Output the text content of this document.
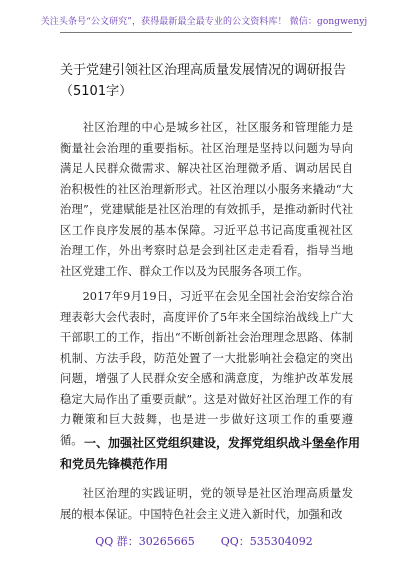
关注头条号“公文研究”，获得最新最全最专业的公文资料库！ 微信：gongwenyj
关于党建引领社区治理高质量发展情况的调研报告（5101字）

社区治理的中心是城乡社区，社区服务和管理能力是衡量社会治理的重要指标。社区治理是坚持以问题为导向满足人民群众微需求、解决社区治理微矛盾、调动居民自治积极性的社区治理新形式。社区治理以小服务来撬动“大治理”，党建赋能是社区治理的有效抓手，是推动新时代社区工作良序发展的基本保障。习近平总书记高度重视社区治理工作，外出考察时总是会到社区走走看看，指导当地社区党建工作、群众工作以及为民服务各项工作。

2017年9月19日，习近平在会见全国社会治安综合治理表彰大会代表时，高度评价了5年来全国综治战线上广大干部职工的工作，指出“不断创新社会治理理念思路、体制机制、方法手段，防范处置了一大批影响社会稳定的突出问题，增强了人民群众安全感和满意度，为维护改革发展稳定大局作出了重要贡献”。这是对做好社区治理工作的有力鞭策和巨大鼓舞，也是进一步做好这项工作的重要遵循。 一、加强社区党组织建设，发挥党组织战斗堡垒作用和党员先锋模范作用

社区治理的实践证明，党的领导是社区治理高质量发展的根本保证。中国特色社会主义进入新时代，加强和改

QQ 群：30265665 QQ：535304092
